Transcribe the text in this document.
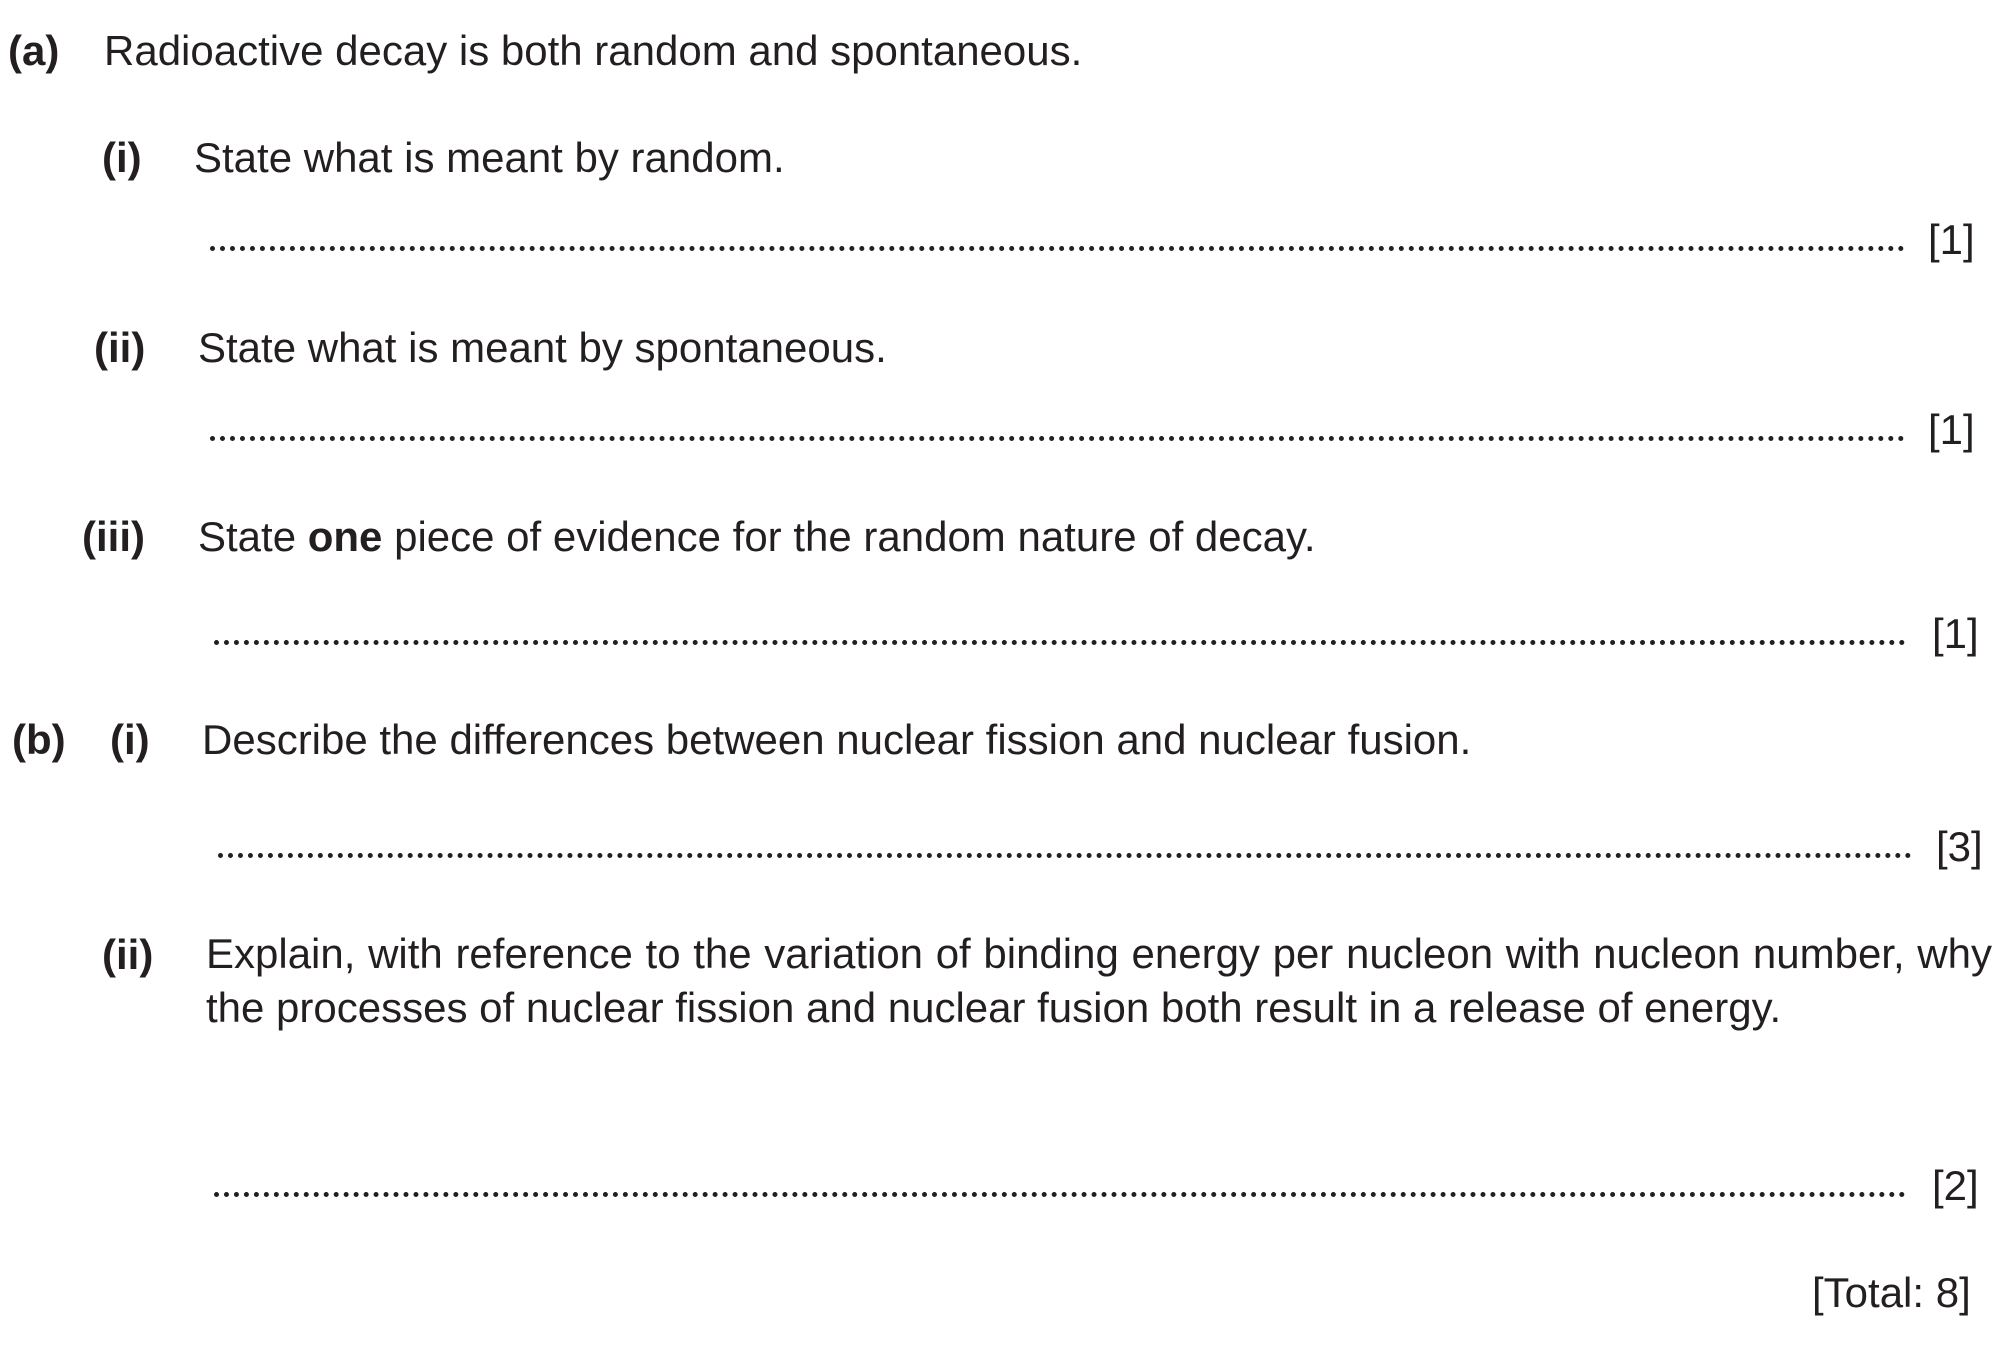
(a) Radioactive decay is both random and spontaneous.
(i) State what is meant by random.
[1]
(ii) State what is meant by spontaneous.
[1]
(iii) State one piece of evidence for the random nature of decay.
[1]
(b) (i) Describe the differences between nuclear fission and nuclear fusion.
[3]
(ii) Explain, with reference to the variation of binding energy per nucleon with nucleon number, why the processes of nuclear fission and nuclear fusion both result in a release of energy.
[2]
[Total: 8]
